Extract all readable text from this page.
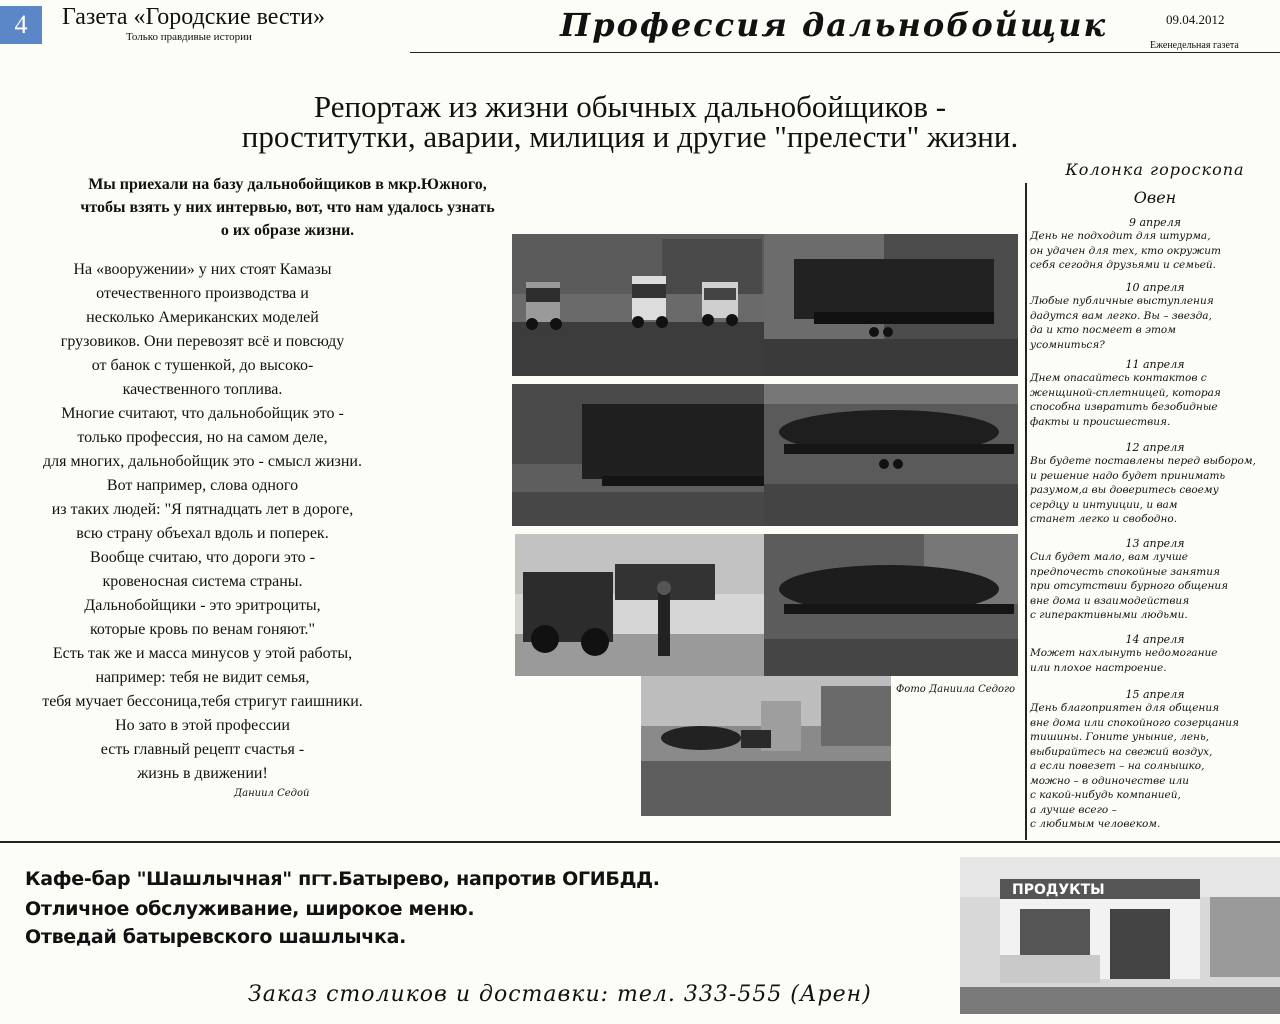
4	Газета «Городские вести»
Только правдивые истории	Профессия дальнобойщик	09.04.2012
Еженедельная газета
Репортаж из жизни обычных дальнобойщиков -
проститутки, аварии, милиция и другие "прелести" жизни.
Мы приехали на базу дальнобойщиков в мкр.Южного,
чтобы взять у них интервью, вот, что нам удалось узнать
о их образе жизни.

На «вооружении» у них стоят Камазы

отечественного производства и

несколько Американских моделей

грузовиков. Они перевозят всё и повсюду

от банок с тушенкой, до высоко-

качественного топлива.

Многие считают, что дальнобойщик это -

только профессия, но на самом деле,

для многих, дальнобойщик это - смысл жизни.

Вот например, слова одного

из таких людей: "Я пятнадцать лет в дороге,

всю страну объехал вдоль и поперек.

Вообще считаю, что дороги это -

кровеносная система страны.

Дальнобойщики - это эритроциты,

которые кровь по венам гоняют."

Есть так же и масса минусов у этой работы,

например: тебя не видит семья,

тебя мучает бессоница,тебя стригут гаишники.

Но зато в этой профессии

есть главный рецепт счастья -

жизнь в движении!

Даниил Седой
Фото Даниила Седого
Колонка гороскопа
Овен
9 апреля
День не подходит для штурма,
он удачен для тех, кто окружит
себя сегодня друзьями и семьей.
10 апреля
Любые публичные выступления
дадутся вам легко. Вы – звезда,
да и кто посмеет в этом
усомниться?
11 апреля
Днем опасайтесь контактов с
женщиной-сплетницей, которая
способна извратить безобидные
факты и происшествия.
12 апреля
Вы будете поставлены перед выбором,
и решение надо будет принимать
разумом,а вы доверитесь своему
сердцу и интуиции, и вам
станет легко и свободно.
13 апреля
Сил будет мало, вам лучше
предпочесть спокойные занятия
при отсутствии бурного общения
вне дома и взаимодействия
с гиперактивными людьми.
14 апреля
Может нахлынуть недомогание
или плохое настроение.
15 апреля
День благоприятен для общения
вне дома или спокойного созерцания
тишины. Гоните уныние, лень,
выбирайтесь на свежий воздух,
а если повезет – на солнышко,
можно – в одиночестве или
с какой-нибудь компанией,
а лучше всего –
с любимым человеком.
Кафе-бар "Шашлычная" пгт.Батырево, напротив ОГИБДД.
Отличное обслуживание, широкое меню.
Отведай батыревского шашлычка.
Заказ столиков и доставки: тел. 333-555 (Арен)
ПРОДУКТЫ
